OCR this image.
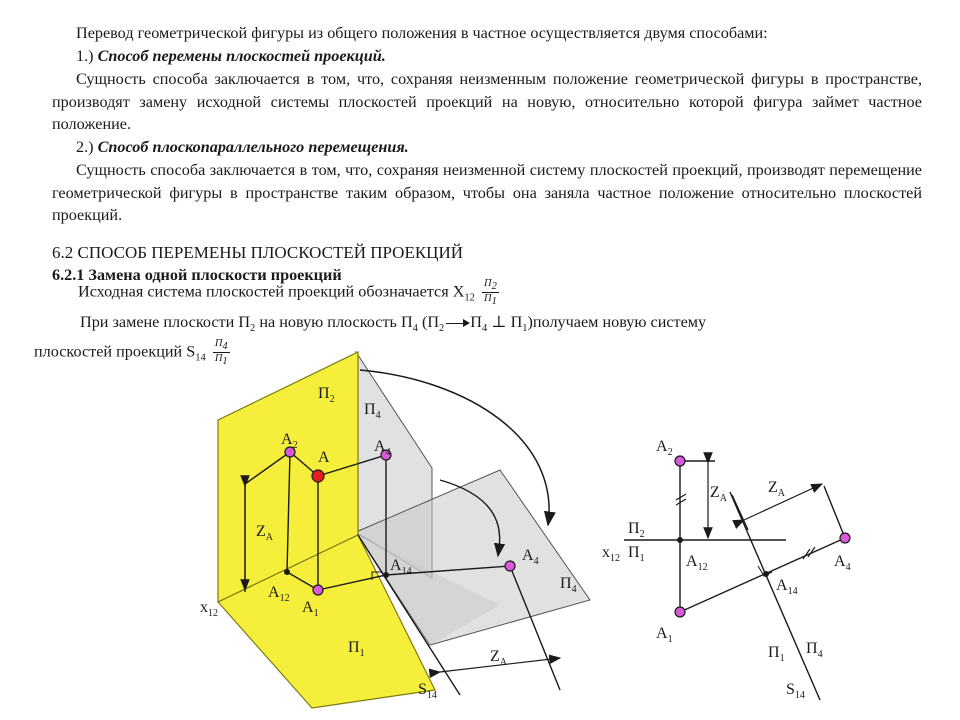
Перевод геометрической фигуры из общего положения в частное осуществляется двумя способами:

1.) Способ перемены плоскостей проекций.

Сущность способа заключается в том, что, сохраняя неизменным положение геометрической фигуры в пространстве, производят замену исходной системы плоскостей проекций на новую, относительно которой фигура займет частное положение.

2.) Способ плоскопараллельного перемещения.

Сущность способа заключается в том, что, сохраняя неизменной систему плоскостей проекций, производят перемещение геометрической фигуры в пространстве таким образом, чтобы она заняла частное положение относительно плоскостей проекций.

6.2 СПОСОБ ПЕРЕМЕНЫ ПЛОСКОСТЕЙ ПРОЕКЦИЙ
6.2.1 Замена одной плоскости проекций
Исходная система плоскостей проекций обозначается $X_{12} \frac{П_2}{П_1}$
При замене плоскости $П_2$ на новую плоскость $П_4$ ($П_2$ $П_4$ ⊥ $П_1)получаем$ новую систему
плоскостей проекций $S_{14} \frac{П_4}{П_1}$
$П_2$
$П_4$
$A_2$
A
$A_4$
$Z_A$
$A_{14}$
$A_4$
$П_4$
$x_{12}$
$A_{12}$
$A_1$
$П_1$	$Z_A$
$S_{14}$
$A_2$
$Z_A$
$Z_A$
$П_2$
$x_{12}$ $П_1$	$A_{12}$	$A_4$
$A_{14}$
$A_1$
$П_1$
$П_4$
$S_{14}$
